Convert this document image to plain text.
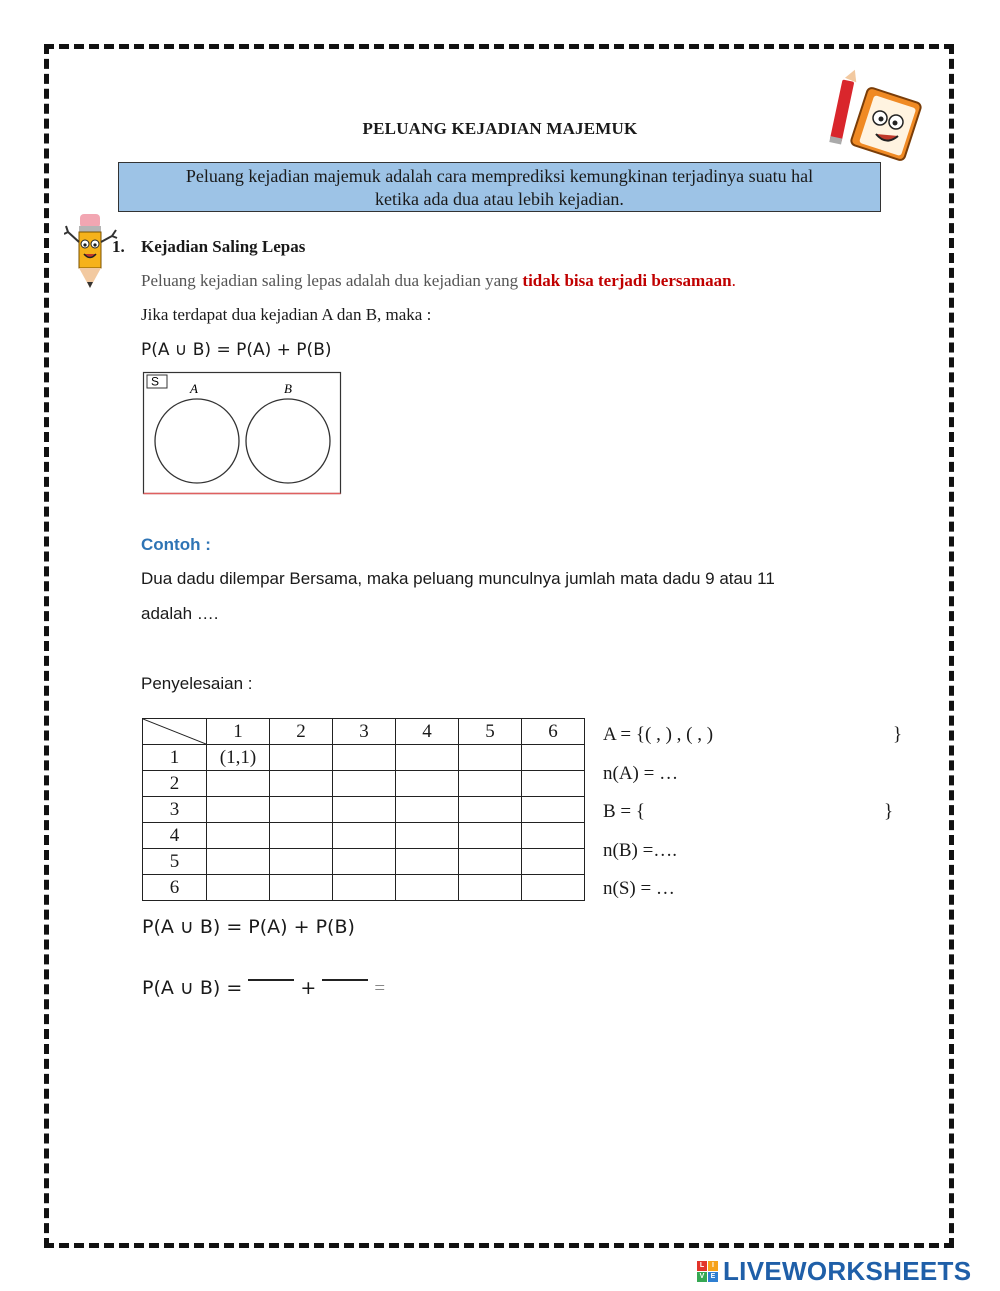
PELUANG KEJADIAN MAJEMUK
Peluang kejadian majemuk adalah cara memprediksi kemungkinan terjadinya suatu hal
ketika ada dua atau lebih kejadian.
1. Kejadian Saling Lepas
Peluang kejadian saling lepas adalah dua kejadian yang tidak bisa terjadi bersamaan.
Jika terdapat dua kejadian A dan B, maka :
P(A ∪ B) = P(A) + P(B)
S A	B
Contoh :
Dua dadu dilempar Bersama, maka peluang munculnya jumlah mata dadu 9 atau 11
adalah ….
Penyelesaian :
	1	2	3	4	5	6
1	(1,1)					
2						
3						
4						
5						
6						
A = {( , ) , ( , )	}
n(A) = …
B = {	}
n(B) =….
n(S) = …
P(A ∪ B) = P(A) + P(B)
P(A ∪ B) =	+	=
L	I
V E LIVEWORKSHEETS
